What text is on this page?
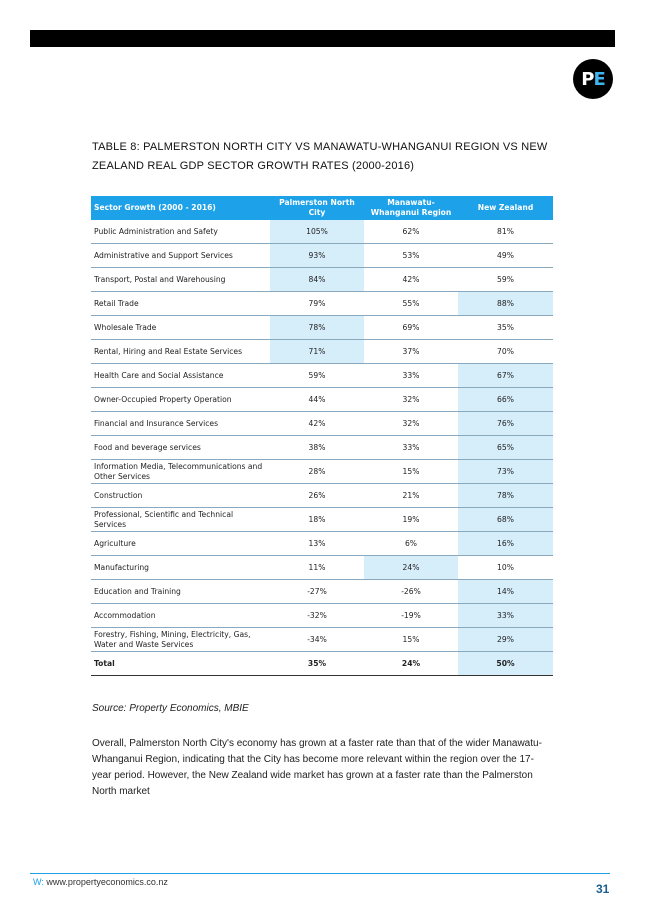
P E
TABLE 8: PALMERSTON NORTH CITY VS MANAWATU-WHANGANUI REGION VS NEW ZEALAND REAL GDP SECTOR GROWTH RATES (2000-2016)
Sector Growth (2000 - 2016)	Palmerston North City	Manawatu-Whanganui Region	New Zealand
Public Administration and Safety	105%	62%	81%
Administrative and Support Services	93%	53%	49%
Transport, Postal and Warehousing	84%	42%	59%
Retail Trade	79%	55%	88%
Wholesale Trade	78%	69%	35%
Rental, Hiring and Real Estate Services	71%	37%	70%
Health Care and Social Assistance	59%	33%	67%
Owner-Occupied Property Operation	44%	32%	66%
Financial and Insurance Services	42%	32%	76%
Food and beverage services	38%	33%	65%
Information Media, Telecommunications and Other Services	28%	15%	73%
Construction	26%	21%	78%
Professional, Scientific and Technical Services	18%	19%	68%
Agriculture	13%	6%	16%
Manufacturing	11%	24%	10%
Education and Training	-27%	-26%	14%
Accommodation	-32%	-19%	33%
Forestry, Fishing, Mining, Electricity, Gas, Water and Waste Services	-34%	15%	29%
Total	35%	24%	50%
Source: Property Economics, MBIE
Overall, Palmerston North City's economy has grown at a faster rate than that of the wider Manawatu-Whanganui Region, indicating that the City has become more relevant within the region over the 17-year period. However, the New Zealand wide market has grown at a faster rate than the Palmerston North market
W: www.propertyeconomics.co.nz	31
